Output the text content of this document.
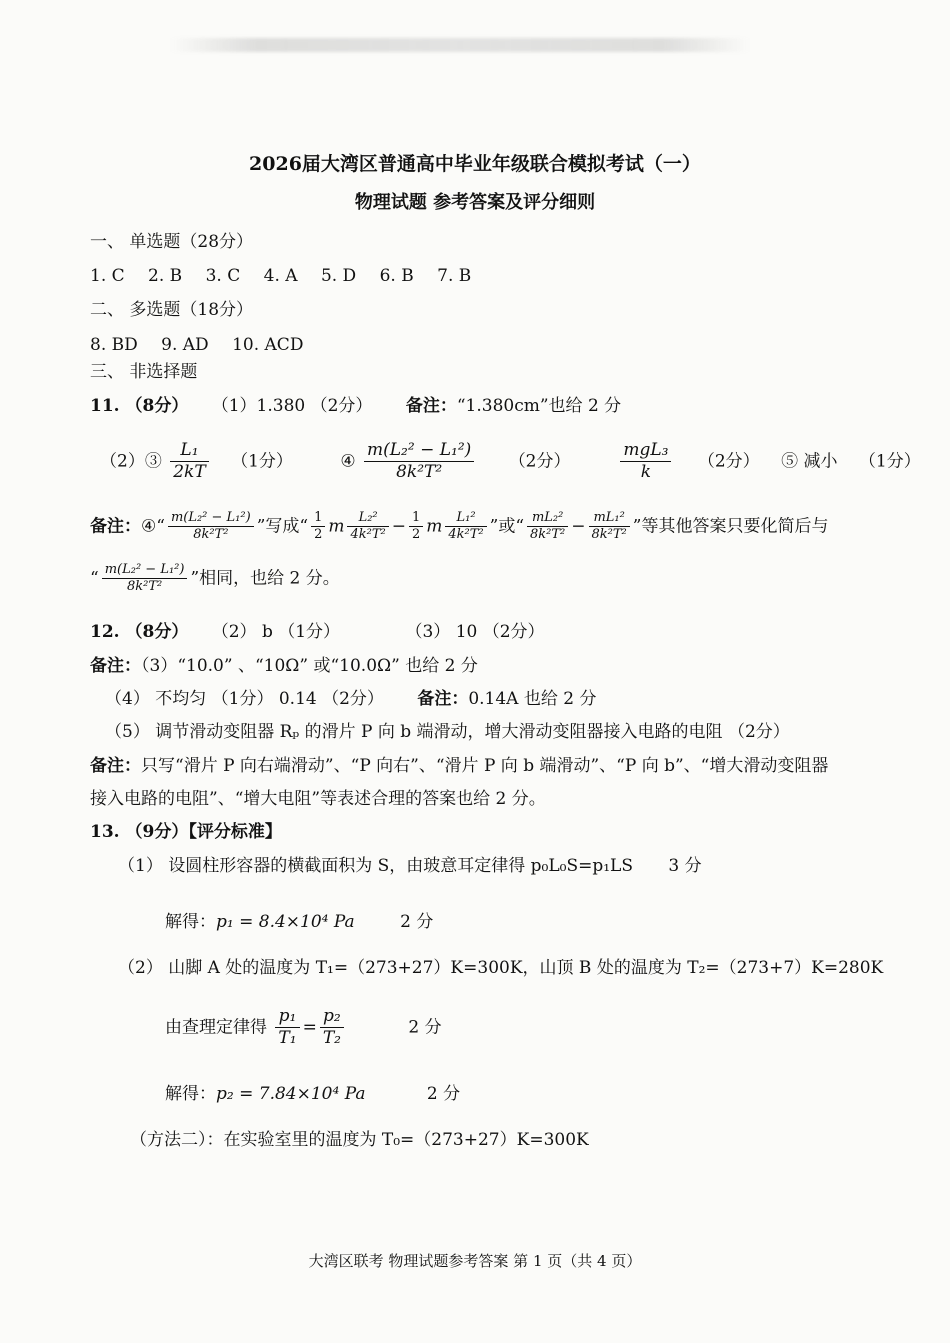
2026届大湾区普通高中毕业年级联合模拟考试（一）
物理试题 参考答案及评分细则
一、 单选题（28分）
1. C 2. B 3. C 4. A 5. D 6. B 7. B
二、 多选题（18分）
8. BD 9. AD 10. ACD
三、 非选择题
11. （8分） （1）1.380 （2分） 备注：“1.380cm”也给 2 分
（2）③ $\frac{\text{L₁}}{2kT} (1$分）	④ $\frac{\text{m(L₂² − L₁²)}}{\text{8k²T²}} (2$分）	$\frac{\text{mgL₃}}{k} (2$分） ⑤ 减小 （1分）
备注：④“ $\frac{\text{m(L₂² − L₁²)}}{\text{8k²T²}}$ ”写成“ $\frac{1}{2}$ m $\frac{\text{L₂²}}{\text{4k²T²}} - \frac{1}{2}$ m $\frac{\text{L₁²}}{\text{4k²T²}}$ ”或“ $\frac{\text{mL₂²}}{\text{8k²T²}} - \frac{\text{mL₁²}}{\text{8k²T²}}$ ”等其他答案只要化简后与
“ $\frac{\text{m(L₂² − L₁²)}}{\text{8k²T²}}$ ”相同，也给 2 分。
12. （8分） （2） b （1分）	（3） 10 （2分）
备注：（3）“10.0” 、“10Ω” 或“10.0Ω” 也给 2 分
（4） 不均匀 （1分） 0.14 （2分） 备注：0.14A 也给 2 分
（5） 调节滑动变阻器 Rₚ 的滑片 P 向 b 端滑动，增大滑动变阻器接入电路的电阻 （2分）
备注：只写“滑片 P 向右端滑动”、“P 向右”、“滑片 P 向 b 端滑动”、“P 向 b”、“增大滑动变阻器
接入电路的电阻”、“增大电阻”等表述合理的答案也给 2 分。
13. （9分）【评分标准】
（1） 设圆柱形容器的横截面积为 S，由玻意耳定律得 p₀L₀S=p₁LS 3 分
解得：p₁ = 8.4×10⁴ Pa	2 分
（2） 山脚 A 处的温度为 T₁=（273+27）K=300K，山顶 B 处的温度为 T₂=（273+7）K=280K
由查理定律得 $\frac{\text{p₁}}{\text{T₁}} = \frac{\text{p₂}}{\text{T₂}}$	2 分
解得：p₂ = 7.84×10⁴ Pa	2 分
（方法二）：在实验室里的温度为 T₀=（273+27）K=300K
大湾区联考 物理试题参考答案 第 1 页（共 4 页）
